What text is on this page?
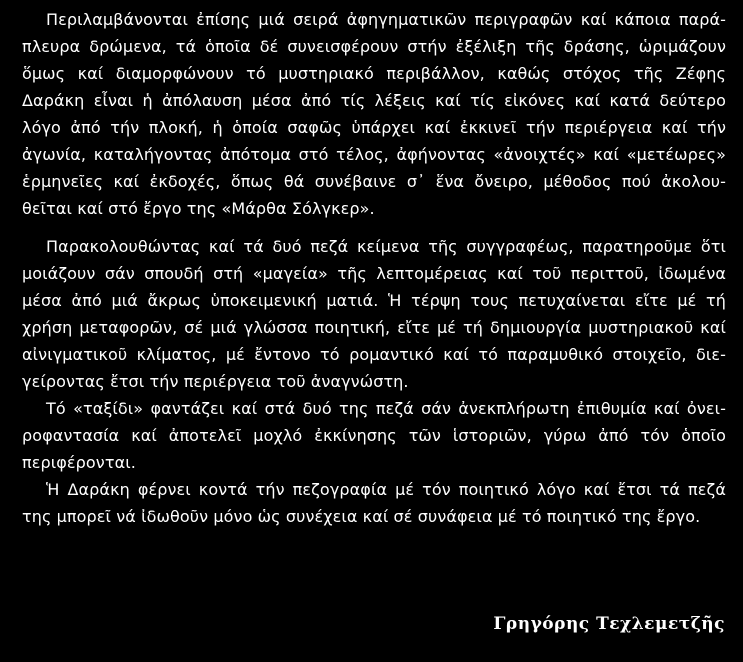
Περιλαμβάνονται ἐπίσης μιά σειρά ἀφηγηματικῶν περιγραφῶν καί κάποια παρά-
πλευρα δρώμενα, τά ὁποῖα δέ συνεισφέρουν στήν ἐξέλιξη τῆς δράσης, ὡριμάζουν
ὅμως καί διαμορφώνουν τό μυστηριακό περιβάλλον, καθώς στόχος τῆς Ζέφης
Δαράκη εἶναι ἡ ἀπόλαυση μέσα ἀπό τίς λέξεις καί τίς εἰκόνες καί κατά δεύτερο
λόγο ἀπό τήν πλοκή, ἡ ὁποία σαφῶς ὑπάρχει καί ἐκκινεῖ τήν περιέργεια καί τήν
ἀγωνία, καταλήγοντας ἀπότομα στό τέλος, ἀφήνοντας «ἀνοιχτές» καί «μετέωρες»
ἑρμηνεῖες καί ἐκδοχές, ὅπως θά συνέβαινε σ᾽ ἕνα ὄνειρο, μέθοδος πού ἀκολου-
θεῖται καί στό ἔργο της «Μάρθα Σόλγκερ».

Παρακολουθώντας καί τά δυό πεζά κείμενα τῆς συγγραφέως, παρατηροῦμε ὅτι
μοιάζουν σάν σπουδή στή «μαγεία» τῆς λεπτομέρειας καί τοῦ περιττοῦ, ἰδωμένα
μέσα ἀπό μιά ἄκρως ὑποκειμενική ματιά. Ἡ τέρψη τους πετυχαίνεται εἴτε μέ τή
χρήση μεταφορῶν, σέ μιά γλώσσα ποιητική, εἴτε μέ τή δημιουργία μυστηριακοῦ καί
αἰνιγματικοῦ κλίματος, μέ ἔντονο τό ρομαντικό καί τό παραμυθικό στοιχεῖο, διε-
γείροντας ἔτσι τήν περιέργεια τοῦ ἀναγνώστη.

Τό «ταξίδι» φαντάζει καί στά δυό της πεζά σάν ἀνεκπλήρωτη ἐπιθυμία καί ὀνει-
ροφαντασία καί ἀποτελεῖ μοχλό ἐκκίνησης τῶν ἱστοριῶν, γύρω ἀπό τόν ὁποῖο
περιφέρονται.

Ἡ Δαράκη φέρνει κοντά τήν πεζογραφία μέ τόν ποιητικό λόγο καί ἔτσι τά πεζά
της μπορεῖ νά ἰδωθοῦν μόνο ὡς συνέχεια καί σέ συνάφεια μέ τό ποιητικό της ἔργο.

Γρηγόρης Τεχλεμετζῆς
